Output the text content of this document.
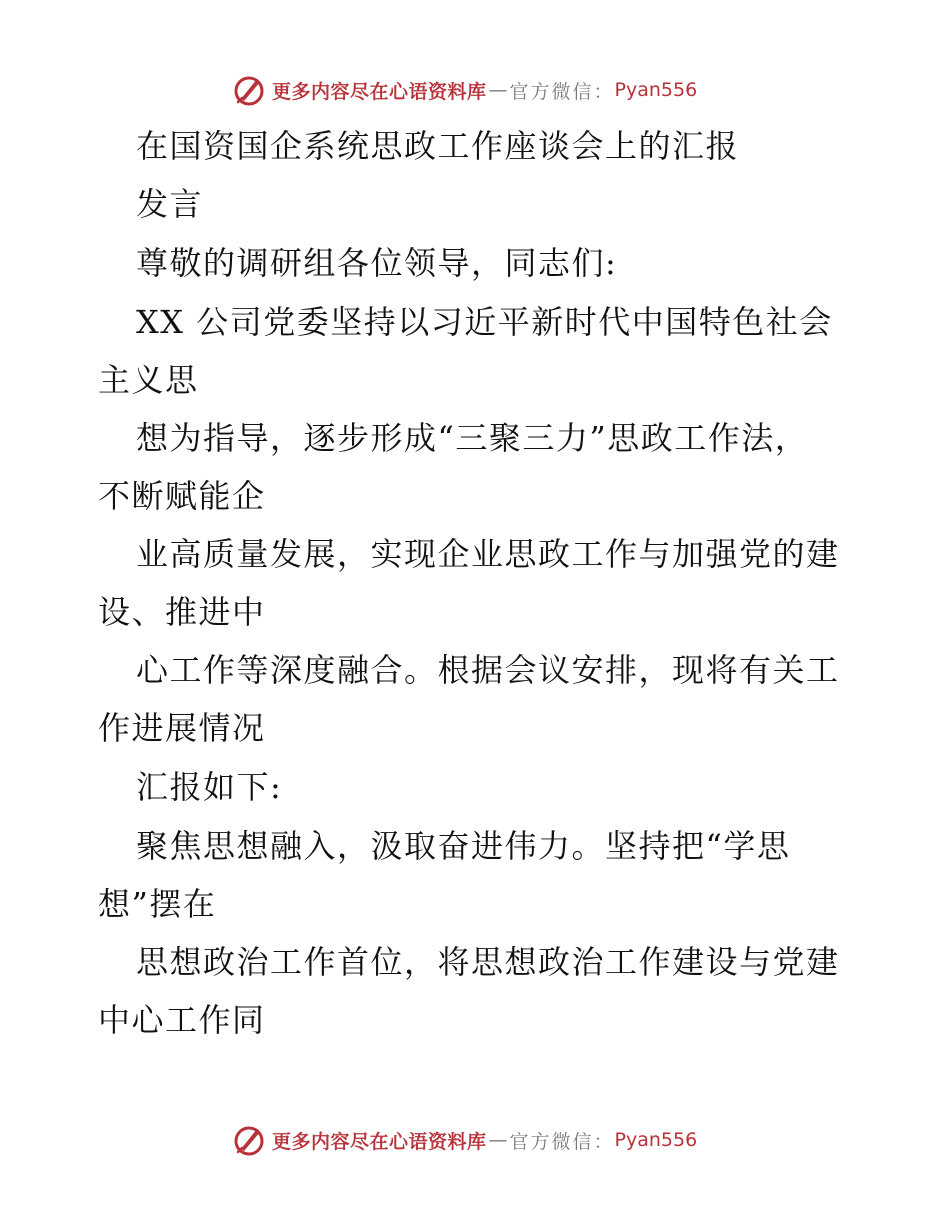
更多内容尽在心语资料库 — 官方微信： Pyan556
在国资国企系统思政工作座谈会上的汇报
发言
尊敬的调研组各位领导，同志们:
XX 公司党委坚持以习近平新时代中国特色社会
主义思
想为指导，逐步形成“三聚三力”思政工作法，
不断赋能企
业高质量发展，实现企业思政工作与加强党的建
设、推进中
心工作等深度融合。根据会议安排，现将有关工
作进展情况
汇报如下:
聚焦思想融入，汲取奋进伟力。坚持把“学思
想”摆在
思想政治工作首位，将思想政治工作建设与党建
中心工作同
更多内容尽在心语资料库 — 官方微信： Pyan556
